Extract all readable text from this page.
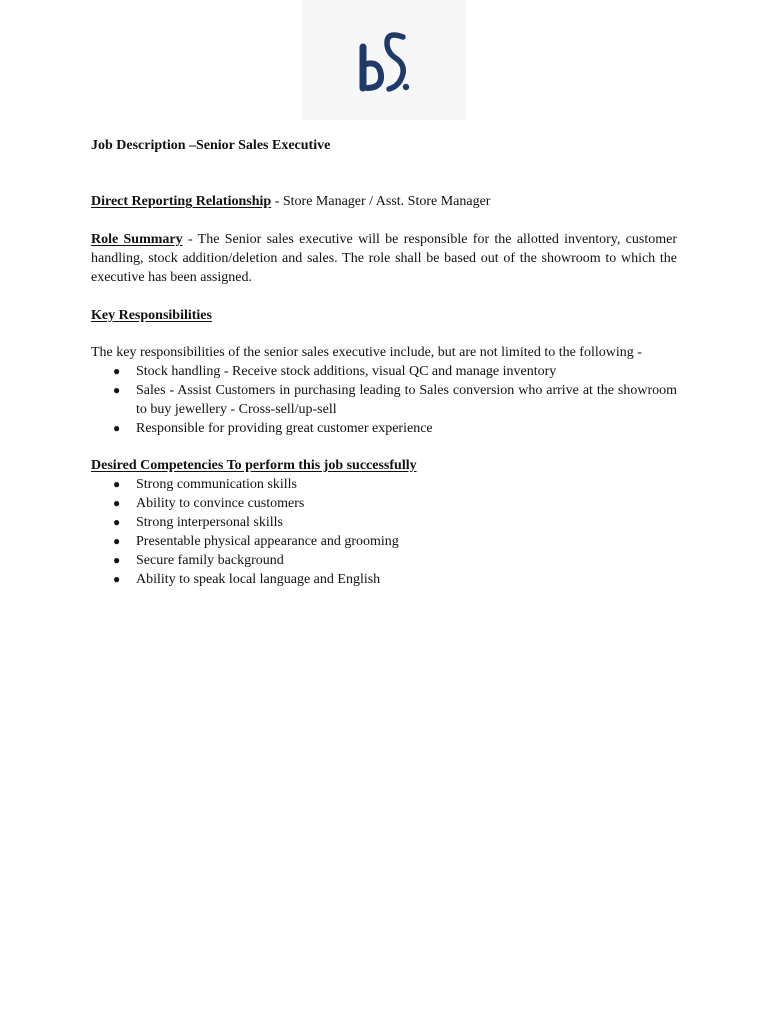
Job Description –Senior Sales Executive
Direct Reporting Relationship - Store Manager / Asst. Store Manager
Role Summary - The Senior sales executive will be responsible for the allotted inventory, customer handling, stock addition/deletion and sales. The role shall be based out of the showroom to which the executive has been assigned.
Key Responsibilities
The key responsibilities of the senior sales executive include, but are not limited to the following -
● Stock handling - Receive stock additions, visual QC and manage inventory
● Sales - Assist Customers in purchasing leading to Sales conversion who arrive at the showroom to buy jewellery - Cross-sell/up-sell
● Responsible for providing great customer experience
Desired Competencies To perform this job successfully
● Strong communication skills
● Ability to convince customers
● Strong interpersonal skills
● Presentable physical appearance and grooming
● Secure family background
● Ability to speak local language and English
